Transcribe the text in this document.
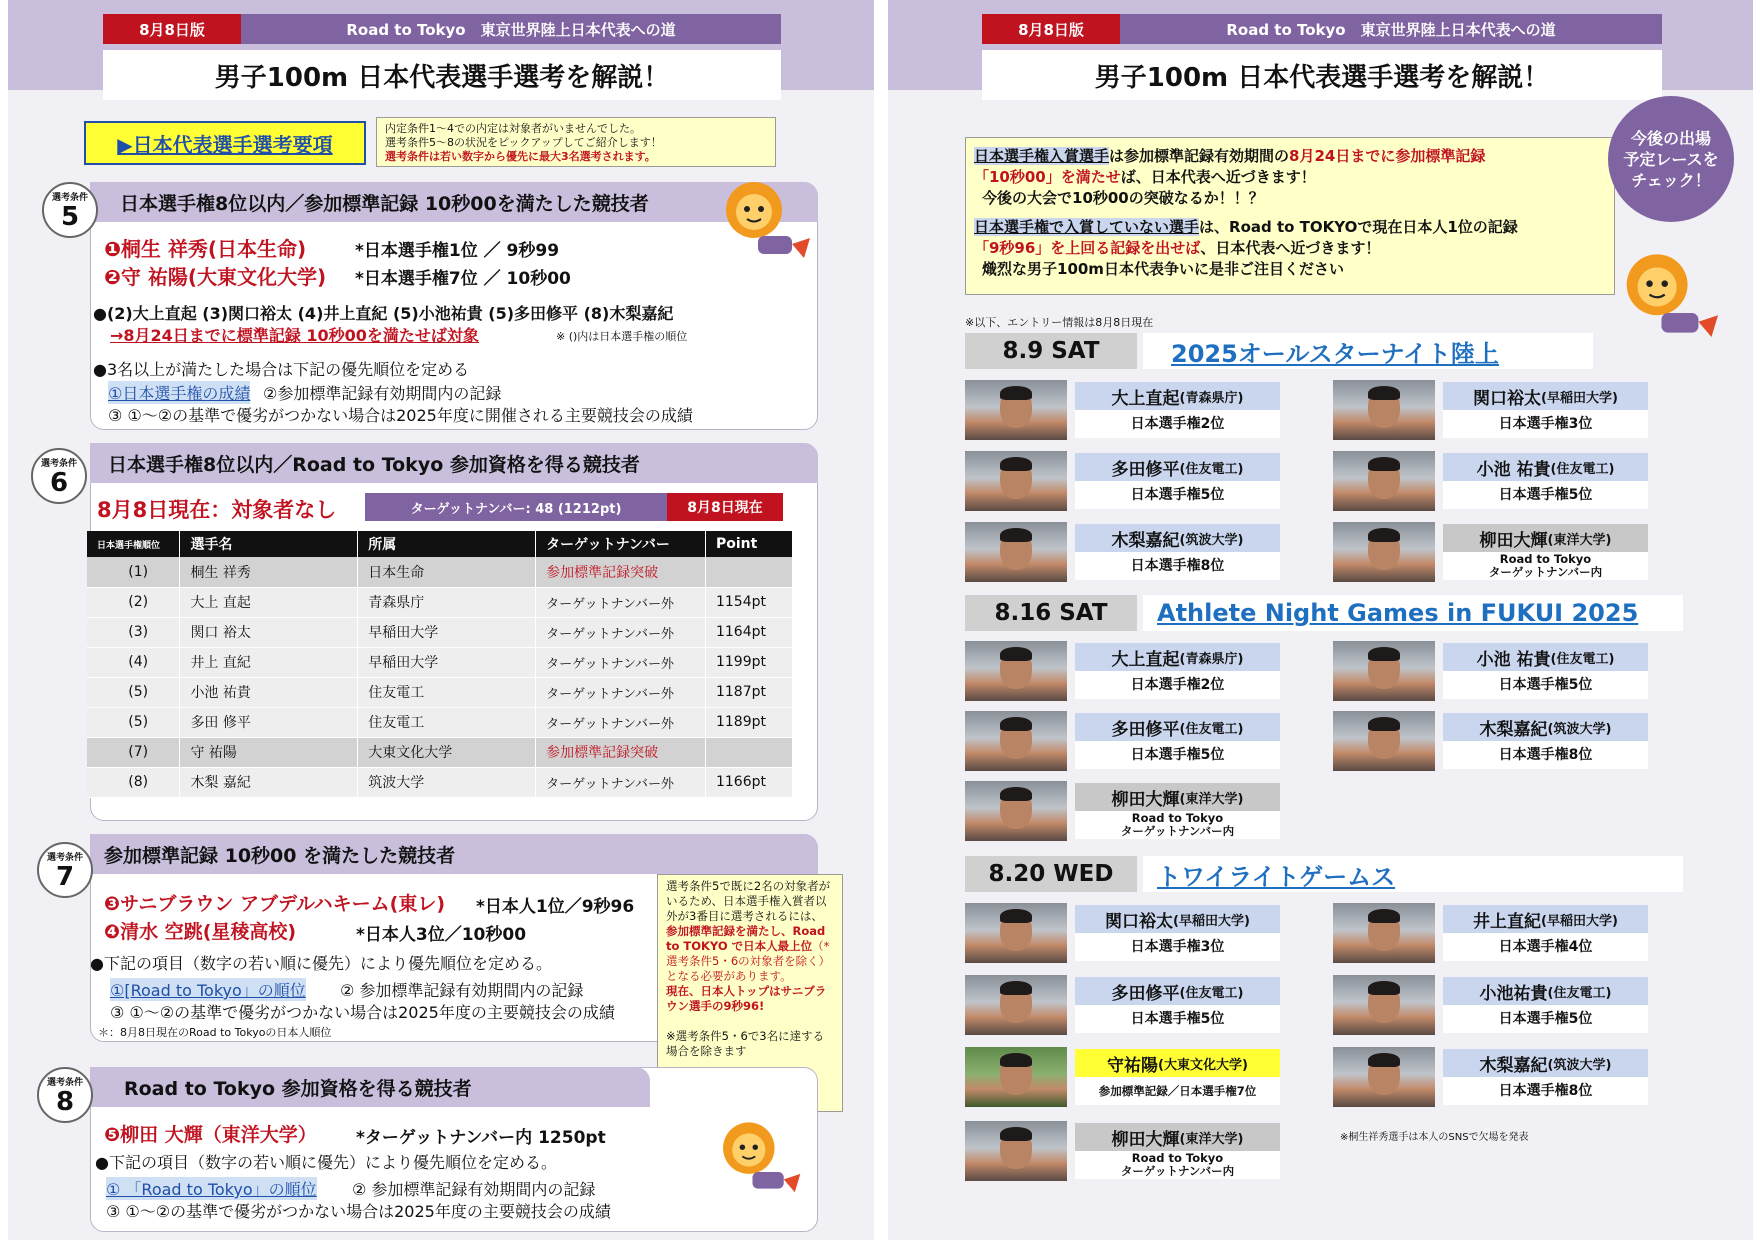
8月8日版	Road to Tokyo　東京世界陸上日本代表への道
男子100m 日本代表選手選考を解説！
▶日本代表選手選考要項
内定条件1～4での内定は対象者がいませんでした。
選考条件5～8の状況をピックアップしてご紹介します！
選考条件は若い数字から優先に最大3名選考されます。
日本選手権8位以内／参加標準記録 10秒00を満たした競技者
選考条件
5
❶桐生 祥秀(日本生命)	*日本選手権1位 ／ 9秒99
❷守 祐陽(大東文化大学) *日本選手権7位 ／ 10秒00
●(2)大上直起 (3)関口裕太 (4)井上直紀 (5)小池祐貴 (5)多田修平 (8)木梨嘉紀
→8月24日までに標準記録 10秒00を満たせば対象	※ ()内は日本選手権の順位
●3名以上が満たした場合は下記の優先順位を定める
①日本選手権の成績 ②参加標準記録有効期間内の記録
③ ①～②の基準で優劣がつかない場合は2025年度に開催される主要競技会の成績
日本選手権8位以内／Road to Tokyo 参加資格を得る競技者
選考条件
6
8月8日現在：対象者なし	ターゲットナンバー: 48 (1212pt)	8月8日現在
日本選手権順位	選手名	所属	ターゲットナンバー	Point
(1)	桐生 祥秀	日本生命	参加標準記録突破	
(2)	大上 直起	青森県庁	ターゲットナンバー外	1154pt
(3)	関口 裕太	早稲田大学	ターゲットナンバー外	1164pt
(4)	井上 直紀	早稲田大学	ターゲットナンバー外	1199pt
(5)	小池 祐貴	住友電工	ターゲットナンバー外	1187pt
(5)	多田 修平	住友電工	ターゲットナンバー外	1189pt
(7)	守 祐陽	大東文化大学	参加標準記録突破	
(8)	木梨 嘉紀	筑波大学	ターゲットナンバー外	1166pt
参加標準記録 10秒00 を満たした競技者
選考条件
7
❸サニブラウン アブデルハキーム(東レ) *日本人1位／9秒96
❹清水 空跳(星稜高校)	*日本人3位／10秒00
●下記の項目（数字の若い順に優先）により優先順位を定める。
①[Road to Tokyo」の順位 ② 参加標準記録有効期間内の記録
③ ①～②の基準で優劣がつかない場合は2025年度の主要競技会の成績
＊：8月8日現在のRoad to Tokyoの日本人順位
選考条件5で既に2名の対象者がいるため、日本選手権入賞者以外が3番目に選考されるには、参加標準記録を満たし、Road to TOKYO で日本人最上位（*選考条件5・6の対象者を除く）となる必要があります。
現在、日本人トップはサニブラウン選手の9秒96!

※選考条件5・6で3名に達する場合を除きます
Road to Tokyo 参加資格を得る競技者
選考条件
8
❺柳田 大輝（東洋大学） *ターゲットナンバー内 1250pt
●下記の項目（数字の若い順に優先）により優先順位を定める。
① 「Road to Tokyo」の順位 ② 参加標準記録有効期間内の記録
③ ①～②の基準で優劣がつかない場合は2025年度の主要競技会の成績
8月8日版	Road to Tokyo　東京世界陸上日本代表への道
男子100m 日本代表選手選考を解説！
日本選手権入賞選手は参加標準記録有効期間の8月24日までに参加標準記録
「10秒00」を満たせば、日本代表へ近づきます！
今後の大会で10秒00の突破なるか！！？
日本選手権で入賞していない選手は、Road to TOKYOで現在日本人1位の記録
「9秒96」を上回る記録を出せば、日本代表へ近づきます！
熾烈な男子100m日本代表争いに是非ご注目ください
今後の出場
予定レースを
チェック！
※以下、エントリー情報は8月8日現在
8.9 SAT	2025オールスターナイト陸上
大上直起 (青森県庁)
日本選手権2位
関口裕太 (早稲田大学)
日本選手権3位
多田修平 (住友電工)
日本選手権5位
小池 祐貴 (住友電工)
日本選手権5位
木梨嘉紀 (筑波大学)
日本選手権8位
柳田大輝 (東洋大学)
Road to Tokyo
ターゲットナンバー内
8.16 SAT	Athlete Night Games in FUKUI 2025
大上直起 (青森県庁)
日本選手権2位
小池 祐貴 (住友電工)
日本選手権5位
多田修平 (住友電工)
日本選手権5位
木梨嘉紀 (筑波大学)
日本選手権8位
柳田大輝 (東洋大学)
Road to Tokyo
ターゲットナンバー内
8.20 WED	トワイライトゲームス
関口裕太 (早稲田大学)
日本選手権3位
井上直紀 (早稲田大学)
日本選手権4位
多田修平 (住友電工)
日本選手権5位
小池祐貴 (住友電工)
日本選手権5位
守祐陽 (大東文化大学)
参加標準記録／日本選手権7位
木梨嘉紀 (筑波大学)
日本選手権8位
柳田大輝 (東洋大学)
Road to Tokyo
ターゲットナンバー内
※桐生祥秀選手は本人のSNSで欠場を発表
